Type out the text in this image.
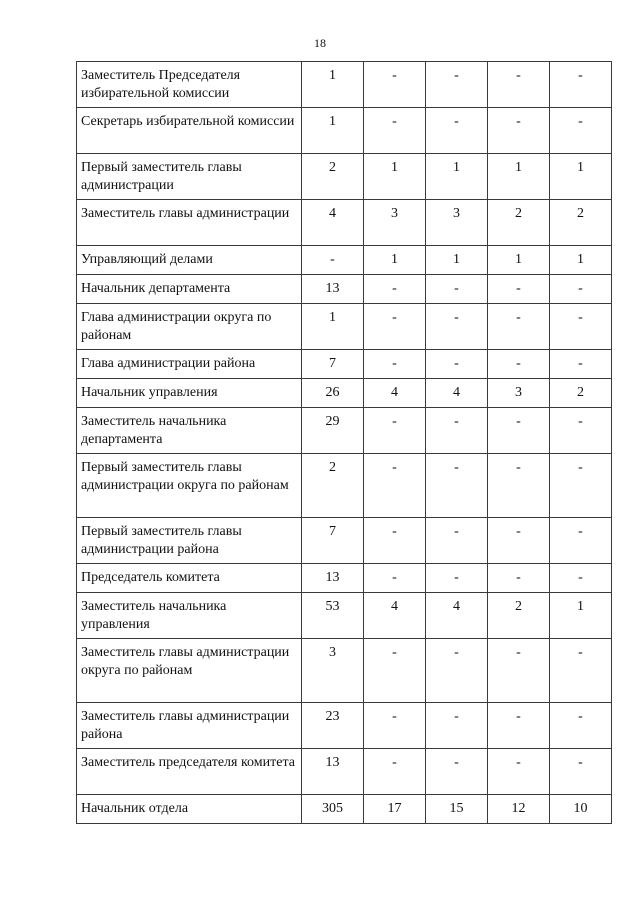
18
Заместитель Председателя избирательной комиссии	1	-	-	-	-
Секретарь избирательной комиссии	1	-	-	-	-
Первый заместитель главы администрации	2	1	1	1	1
Заместитель главы администрации	4	3	3	2	2
Управляющий делами	-	1	1	1	1
Начальник департамента	13	-	-	-	-
Глава администрации округа по районам	1	-	-	-	-
Глава администрации района	7	-	-	-	-
Начальник управления	26	4	4	3	2
Заместитель начальника департамента	29	-	-	-	-
Первый заместитель главы администрации округа по районам	2	-	-	-	-
Первый заместитель главы администрации района	7	-	-	-	-
Председатель комитета	13	-	-	-	-
Заместитель начальника управления	53	4	4	2	1
Заместитель главы администрации округа по районам	3	-	-	-	-
Заместитель главы администрации района	23	-	-	-	-
Заместитель председателя комитета	13	-	-	-	-
Начальник отдела	305	17	15	12	10
